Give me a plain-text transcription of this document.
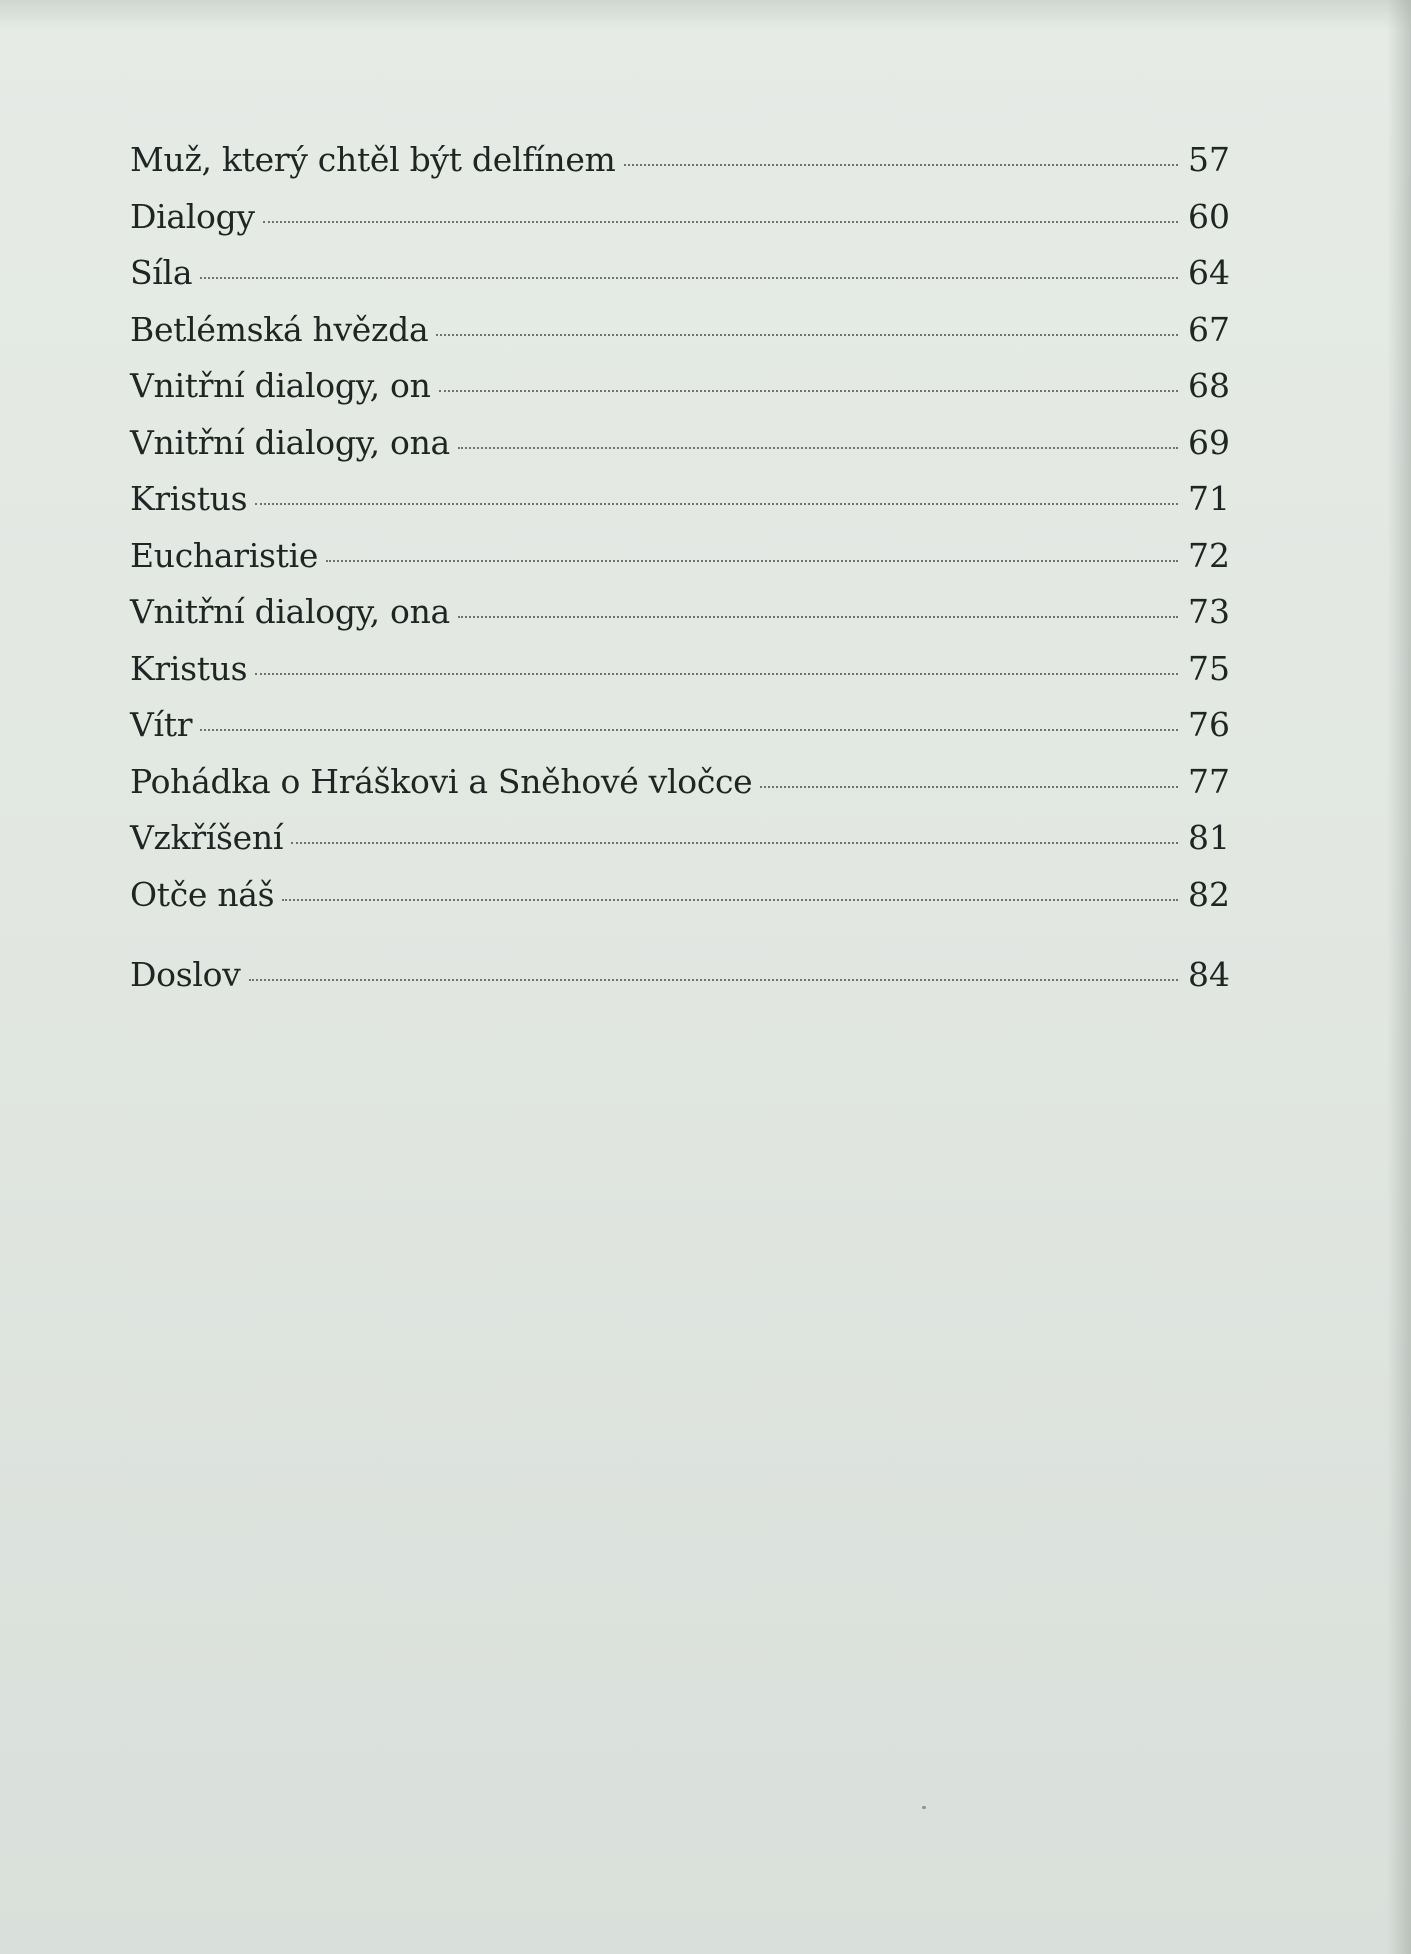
Muž, který chtěl být delfínem	57
Dialogy	60
Síla	64
Betlémská hvězda	67
Vnitřní dialogy, on	68
Vnitřní dialogy, ona	69
Kristus	71
Eucharistie	72
Vnitřní dialogy, ona	73
Kristus	75
Vítr	76
Pohádka o Hráškovi a Sněhové vločce	77
Vzkříšení	81
Otče náš	82
Doslov	84
